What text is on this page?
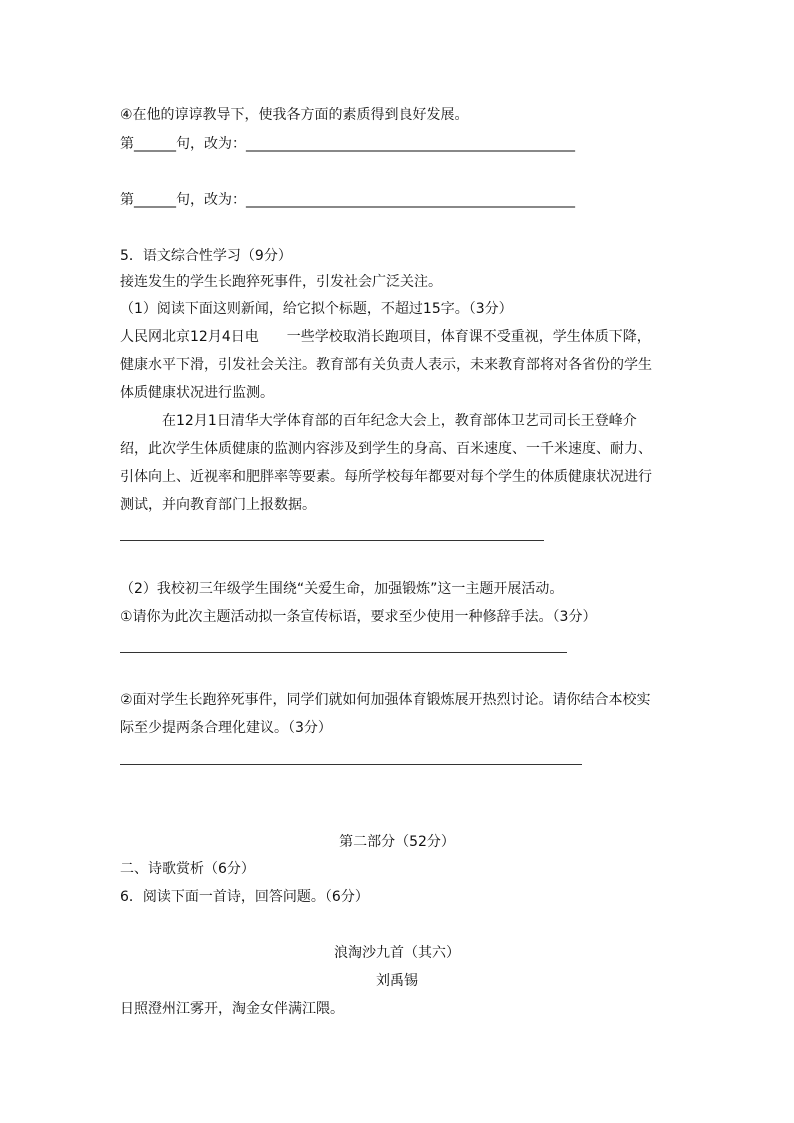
④在他的谆谆教导下，使我各方面的素质得到良好发展。
第______句，改为：_______________________________________________
第______句，改为：_______________________________________________
5．语文综合性学习（9分）
接连发生的学生长跑猝死事件，引发社会广泛关注。
（1）阅读下面这则新闻，给它拟个标题，不超过15字。（3分）
人民网北京12月4日电　　一些学校取消长跑项目，体育课不受重视，学生体质下降，
健康水平下滑，引发社会关注。教育部有关负责人表示，未来教育部将对各省份的学生
体质健康状况进行监测。
在12月1日清华大学体育部的百年纪念大会上，教育部体卫艺司司长王登峰介
绍，此次学生体质健康的监测内容涉及到学生的身高、百米速度、一千米速度、耐力、
引体向上、近视率和肥胖率等要素。每所学校每年都要对每个学生的体质健康状况进行
测试，并向教育部门上报数据。
（2）我校初三年级学生围绕“关爱生命，加强锻炼”这一主题开展活动。
①请你为此次主题活动拟一条宣传标语，要求至少使用一种修辞手法。（3分）
②面对学生长跑猝死事件，同学们就如何加强体育锻炼展开热烈讨论。请你结合本校实
际至少提两条合理化建议。（3分）
第二部分（52分）
二、诗歌赏析（6分）
6．阅读下面一首诗，回答问题。（6分）
浪淘沙九首（其六）
刘禹锡
日照澄州江雾开，淘金女伴满江隈。
